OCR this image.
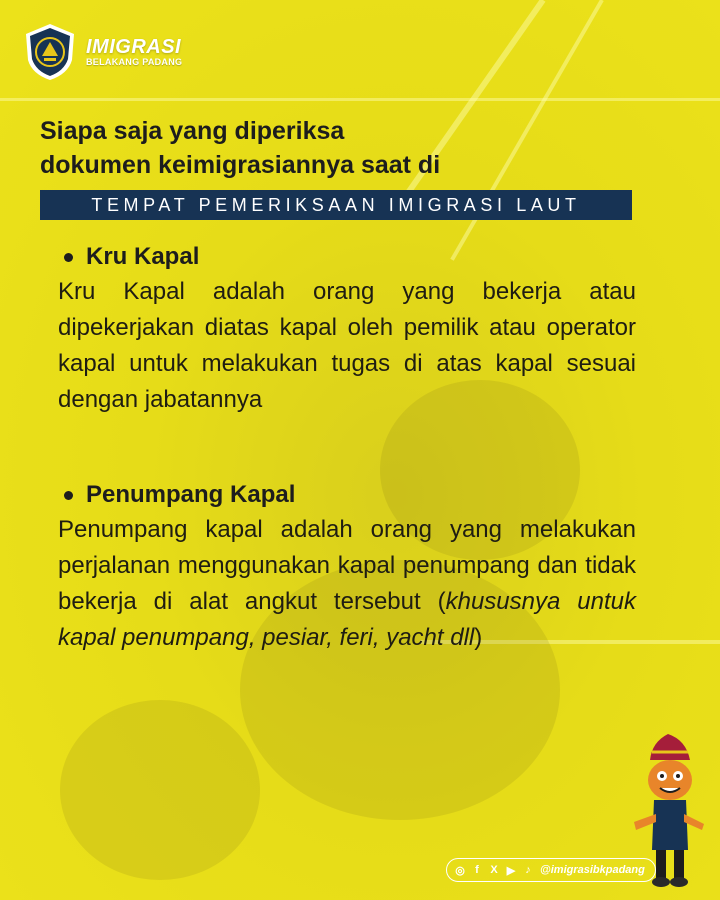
IMIGRASI
BELAKANG PADANG
Siapa saja yang diperiksa
dokumen keimigrasiannya saat di
TEMPAT PEMERIKSAAN IMIGRASI LAUT
Kru Kapal
Kru Kapal adalah orang yang bekerja atau dipekerjakan diatas kapal oleh pemilik atau operator kapal untuk melakukan tugas di atas kapal sesuai dengan jabatannya
Penumpang Kapal
Penumpang kapal adalah orang yang melakukan perjalanan menggunakan kapal penumpang dan tidak bekerja di alat angkut tersebut (khususnya untuk kapal penumpang, pesiar, feri, yacht dll)
◎ f	X ▶ ♪ @imigrasibkpadang
